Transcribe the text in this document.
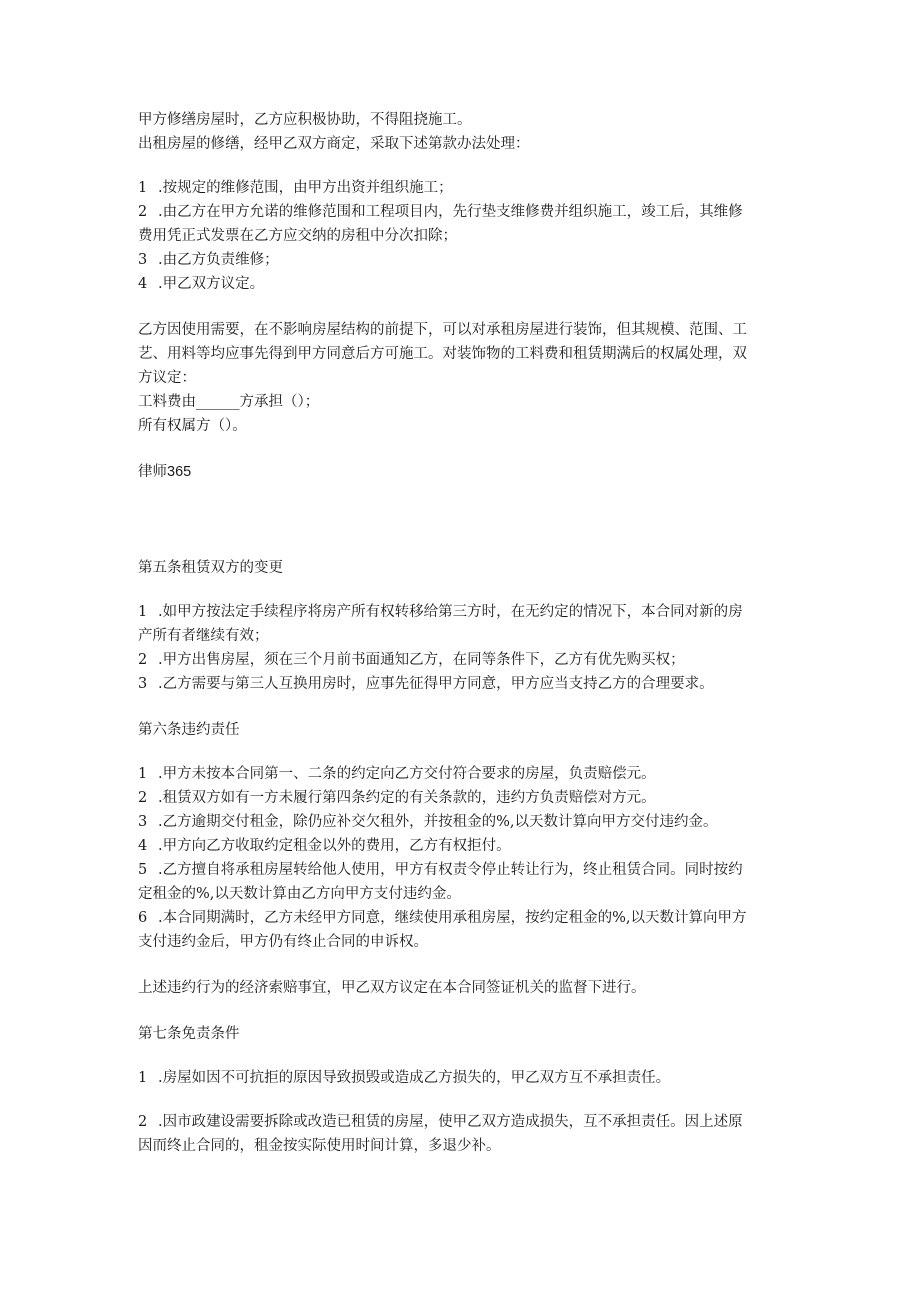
甲方修缮房屋时，乙方应积极协助，不得阻挠施工。
出租房屋的修缮，经甲乙双方商定，采取下述第款办法处理：
1 .按规定的维修范围，由甲方出资并组织施工；
2 .由乙方在甲方允诺的维修范围和工程项目内，先行垫支维修费并组织施工，竣工后，其维修
费用凭正式发票在乙方应交纳的房租中分次扣除；
3 .由乙方负责维修；
4 .甲乙双方议定。
乙方因使用需要，在不影响房屋结构的前提下，可以对承租房屋进行装饰，但其规模、范围、工
艺、用料等均应事先得到甲方同意后方可施工。对装饰物的工料费和租赁期满后的权属处理，双
方议定：
工料费由______方承担（）；
所有权属方（）。
律师365
第五条租赁双方的变更
1 .如甲方按法定手续程序将房产所有权转移给第三方时，在无约定的情况下，本合同对新的房
产所有者继续有效；
2 .甲方出售房屋，须在三个月前书面通知乙方，在同等条件下，乙方有优先购买权；
3 .乙方需要与第三人互换用房时，应事先征得甲方同意，甲方应当支持乙方的合理要求。
第六条违约责任
1 .甲方未按本合同第一、二条的约定向乙方交付符合要求的房屋，负责赔偿元。
2 .租赁双方如有一方未履行第四条约定的有关条款的，违约方负责赔偿对方元。
3 .乙方逾期交付租金，除仍应补交欠租外，并按租金的%,以天数计算向甲方交付违约金。
4 .甲方向乙方收取约定租金以外的费用，乙方有权拒付。
5 .乙方擅自将承租房屋转给他人使用，甲方有权责令停止转让行为，终止租赁合同。同时按约
定租金的%,以天数计算由乙方向甲方支付违约金。
6 .本合同期满时，乙方未经甲方同意，继续使用承租房屋，按约定租金的%,以天数计算向甲方
支付违约金后，甲方仍有终止合同的申诉权。
上述违约行为的经济索赔事宜，甲乙双方议定在本合同签证机关的监督下进行。
第七条免责条件
1 .房屋如因不可抗拒的原因导致损毁或造成乙方损失的，甲乙双方互不承担责任。
2 .因市政建设需要拆除或改造已租赁的房屋，使甲乙双方造成损失，互不承担责任。因上述原
因而终止合同的，租金按实际使用时间计算，多退少补。
